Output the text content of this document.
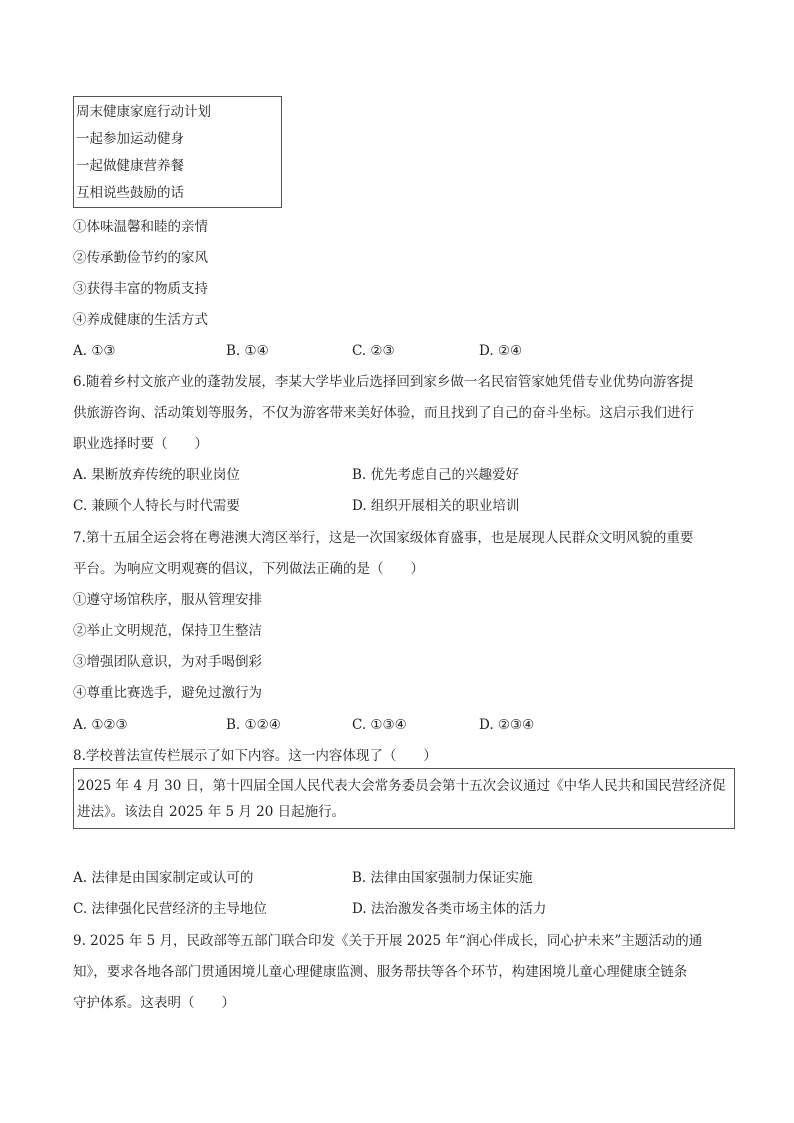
周末健康家庭行动计划
一起参加运动健身
一起做健康营养餐
互相说些鼓励的话
①体味温馨和睦的亲情
②传承勤俭节约的家风
③获得丰富的物质支持
④养成健康的生活方式
A. ①③	B. ①④	C. ②③	D. ②④
6.随着乡村文旅产业的蓬勃发展，李某大学毕业后选择回到家乡做一名民宿管家她凭借专业优势向游客提
供旅游咨询、活动策划等服务，不仅为游客带来美好体验，而且找到了自己的奋斗坐标。这启示我们进行
职业选择时要（　　）
A. 果断放弃传统的职业岗位	B. 优先考虑自己的兴趣爱好
C. 兼顾个人特长与时代需要	D. 组织开展相关的职业培训
7.第十五届全运会将在粤港澳大湾区举行，这是一次国家级体育盛事，也是展现人民群众文明风貌的重要
平台。为响应文明观赛的倡议，下列做法正确的是（　　）
①遵守场馆秩序，服从管理安排
②举止文明规范，保持卫生整洁
③增强团队意识，为对手喝倒彩
④尊重比赛选手，避免过激行为
A. ①②③	B. ①②④	C. ①③④	D. ②③④
8.学校普法宣传栏展示了如下内容。这一内容体现了（　　）
2025 年 4 月 30 日，第十四届全国人民代表大会常务委员会第十五次会议通过《中华人民共和国民营经济促
进法》。该法自 2025 年 5 月 20 日起施行。
A. 法律是由国家制定或认可的	B. 法律由国家强制力保证实施
C. 法律强化民营经济的主导地位	D. 法治激发各类市场主体的活力
9. 2025 年 5 月，民政部等五部门联合印发《关于开展 2025 年“润心伴成长，同心护未来”主题活动的通
知》，要求各地各部门贯通困境儿童心理健康监测、服务帮扶等各个环节，构建困境儿童心理健康全链条
守护体系。这表明（　　）
